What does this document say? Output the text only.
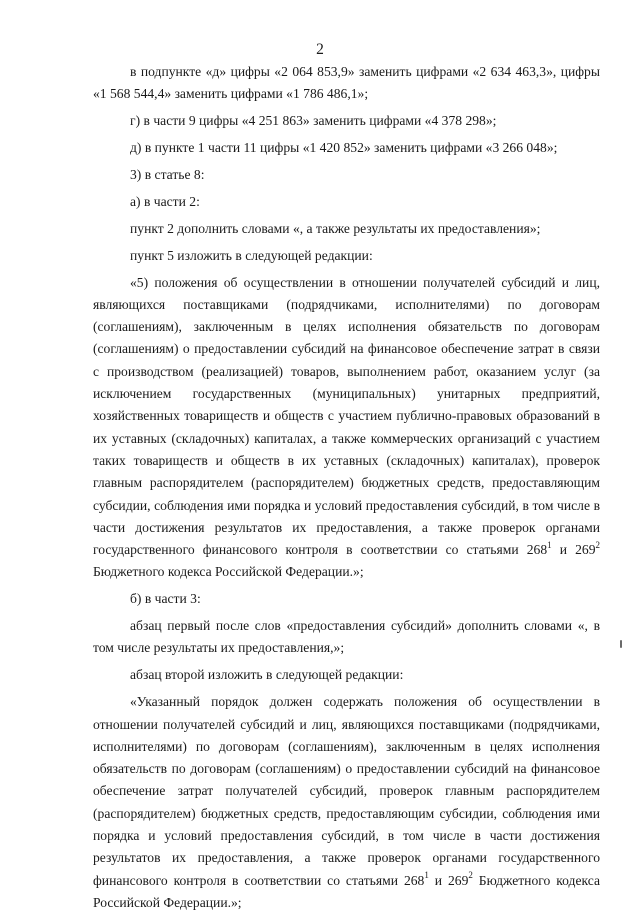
2

в подпункте «д» цифры «2 064 853,9» заменить цифрами «2 634 463,3», цифры «1 568 544,4» заменить цифрами «1 786 486,1»;

г) в части 9 цифры «4 251 863» заменить цифрами «4 378 298»;

д) в пункте 1 части 11 цифры «1 420 852» заменить цифрами «3 266 048»;

3) в статье 8:

а) в части 2:

пункт 2 дополнить словами «, а также результаты их предоставления»;

пункт 5 изложить в следующей редакции:

«5) положения об осуществлении в отношении получателей субсидий и лиц, являющихся поставщиками (подрядчиками, исполнителями) по договорам (соглашениям), заключенным в целях исполнения обязательств по договорам (соглашениям) о предоставлении субсидий на финансовое обеспечение затрат в связи с производством (реализацией) товаров, выполнением работ, оказанием услуг (за исключением государственных (муниципальных) унитарных предприятий, хозяйственных товариществ и обществ с участием публично-правовых образований в их уставных (складочных) капиталах, а также коммерческих организаций с участием таких товариществ и обществ в их уставных (складочных) капиталах), проверок главным распорядителем (распорядителем) бюджетных средств, предоставляющим субсидии, соблюдения ими порядка и условий предоставления субсидий, в том числе в части достижения результатов их предоставления, а также проверок органами государственного финансового контроля в соответствии со статьями $268^1$ и $269^2$ Бюджетного кодекса Российской Федерации.»;

б) в части 3:

абзац первый после слов «предоставления субсидий» дополнить словами «, в том числе результаты их предоставления,»;

абзац второй изложить в следующей редакции:

«Указанный порядок должен содержать положения об осуществлении в отношении получателей субсидий и лиц, являющихся поставщиками (подрядчиками, исполнителями) по договорам (соглашениям), заключенным в целях исполнения обязательств по договорам (соглашениям) о предоставлении субсидий на финансовое обеспечение затрат получателей субсидий, проверок главным распорядителем (распорядителем) бюджетных средств, предоставляющим субсидии, соблюдения ими порядка и условий предоставления субсидий, в том числе в части достижения результатов их предоставления, а также проверок органами государственного финансового контроля в соответствии со статьями $268^1$ и $269^2$ Бюджетного кодекса Российской Федерации.»;
